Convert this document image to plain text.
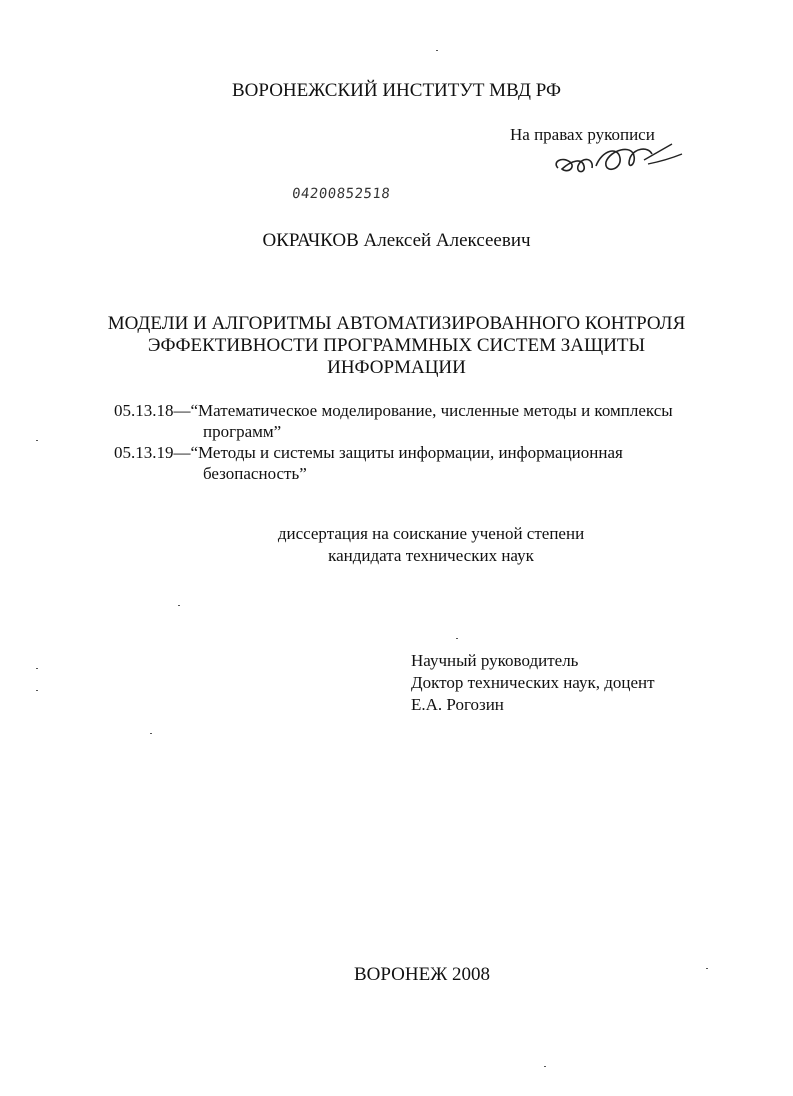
ВОРОНЕЖСКИЙ ИНСТИТУТ МВД РФ
На правах рукописи
04200852518
ОКРАЧКОВ Алексей Алексеевич
МОДЕЛИ И АЛГОРИТМЫ АВТОМАТИЗИРОВАННОГО КОНТРОЛЯ
ЭФФЕКТИВНОСТИ ПРОГРАММНЫХ СИСТЕМ ЗАЩИТЫ
ИНФОРМАЦИИ
05.13.18—“Математическое моделирование, численные методы и комплексы
программ”
05.13.19—“Методы и системы защиты информации, информационная
безопасность”
диссертация на соискание ученой степени
кандидата технических наук
Научный руководитель
Доктор технических наук, доцент
Е.А. Рогозин
ВОРОНЕЖ 2008
